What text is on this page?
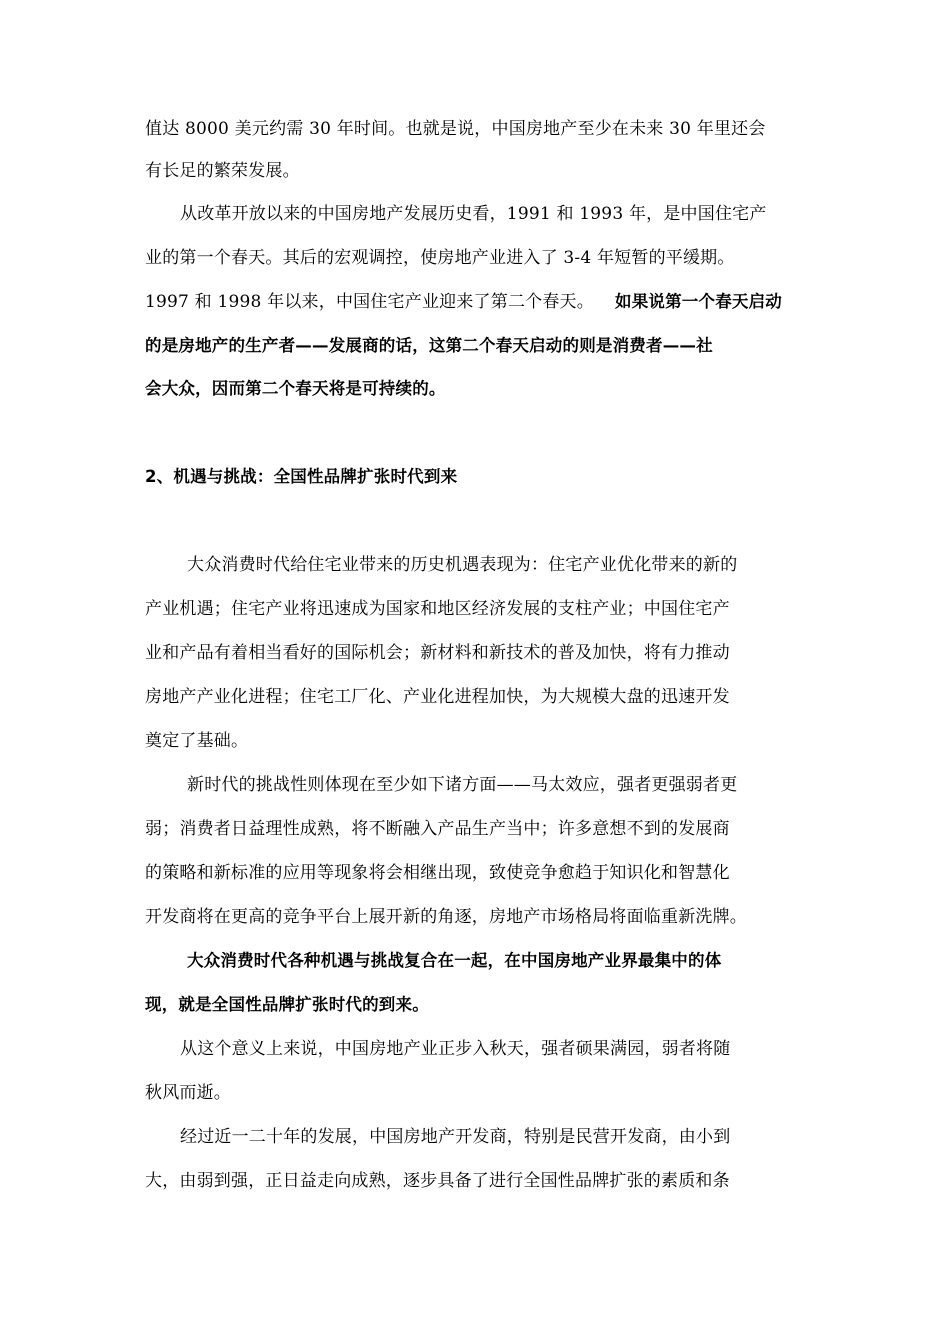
值达 8000 美元约需 30 年时间。也就是说，中国房地产至少在未来 30 年里还会
有长足的繁荣发展。
从改革开放以来的中国房地产发展历史看，1991 和 1993 年，是中国住宅产
业的第一个春天。其后的宏观调控，使房地产业进入了 3-4 年短暂的平缓期。
1997 和 1998 年以来，中国住宅产业迎来了第二个春天。 如果说第一个春天启动
的是房地产的生产者——发展商的话，这第二个春天启动的则是消费者——社
会大众，因而第二个春天将是可持续的。
2、机遇与挑战：全国性品牌扩张时代到来
大众消费时代给住宅业带来的历史机遇表现为：住宅产业优化带来的新的
产业机遇；住宅产业将迅速成为国家和地区经济发展的支柱产业；中国住宅产
业和产品有着相当看好的国际机会；新材料和新技术的普及加快，将有力推动
房地产产业化进程；住宅工厂化、产业化进程加快，为大规模大盘的迅速开发
奠定了基础。
新时代的挑战性则体现在至少如下诸方面——马太效应，强者更强弱者更
弱；消费者日益理性成熟，将不断融入产品生产当中；许多意想不到的发展商
的策略和新标准的应用等现象将会相继出现，致使竞争愈趋于知识化和智慧化
开发商将在更高的竞争平台上展开新的角逐，房地产市场格局将面临重新洗牌。
大众消费时代各种机遇与挑战复合在一起，在中国房地产业界最集中的体
现，就是全国性品牌扩张时代的到来。
从这个意义上来说，中国房地产业正步入秋天，强者硕果满园，弱者将随
秋风而逝。
经过近一二十年的发展，中国房地产开发商，特别是民营开发商，由小到
大，由弱到强，正日益走向成熟，逐步具备了进行全国性品牌扩张的素质和条
